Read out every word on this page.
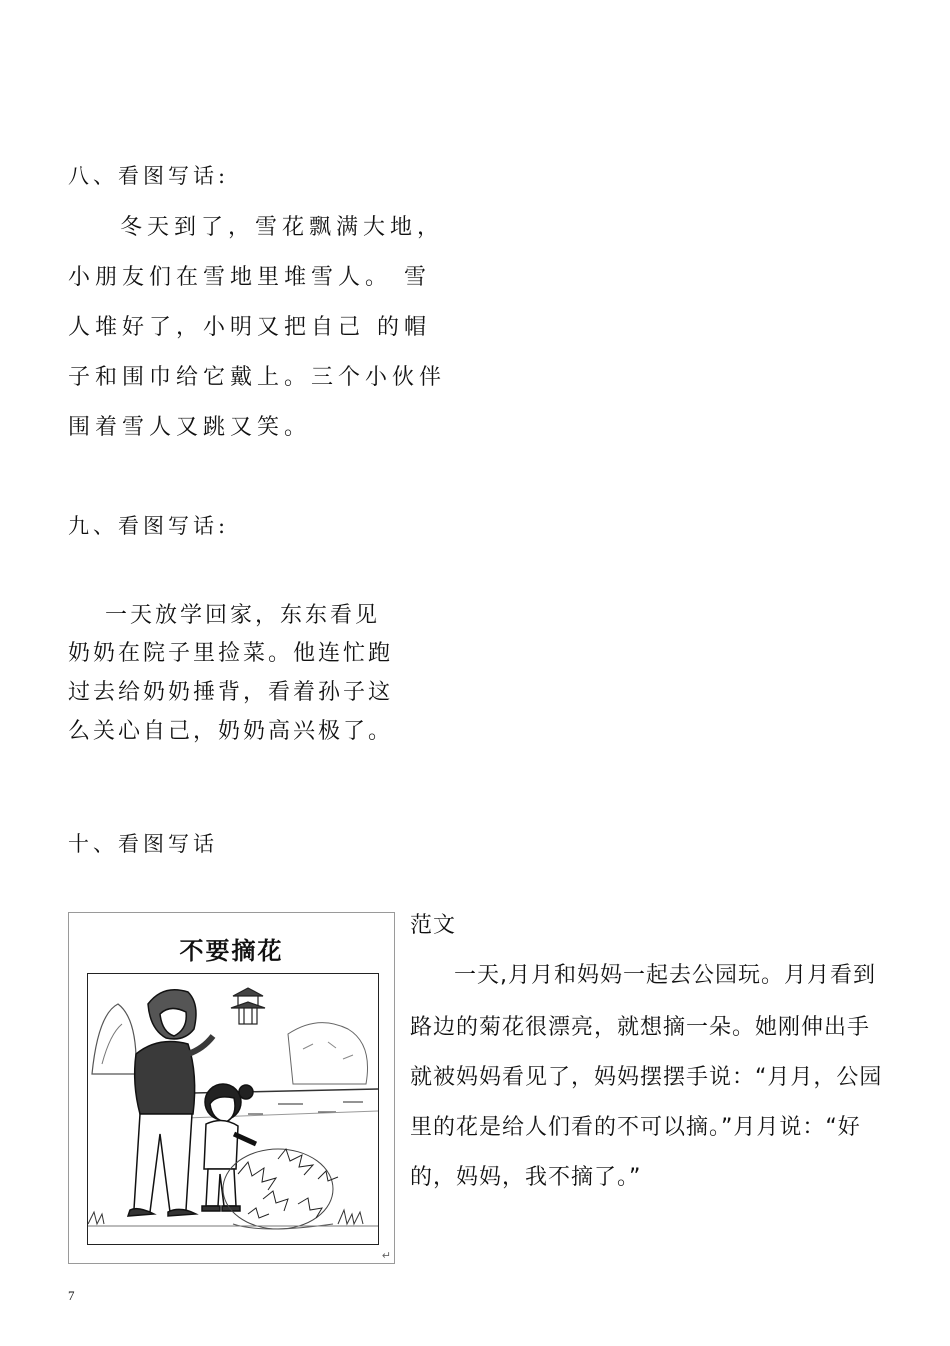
八、看图写话:
冬天到了，雪花飘满大地，
小朋友们在雪地里堆雪人。 雪
人堆好了，小明又把自己 的帽
子和围巾给它戴上。三个小伙伴
围着雪人又跳又笑。
九、看图写话:
一天放学回家，东东看见
奶奶在院子里捡菜。他连忙跑
过去给奶奶捶背，看着孙子这
么关心自己，奶奶高兴极了。
十、看图写话
不要摘花
↵
范文
一天,月月和妈妈一起去公园玩。月月看到
路边的菊花很漂亮，就想摘一朵。她刚伸出手
就被妈妈看见了，妈妈摆摆手说：“月月，公园
里的花是给人们看的不可以摘。”月月说：“好
的，妈妈，我不摘了。”
7
